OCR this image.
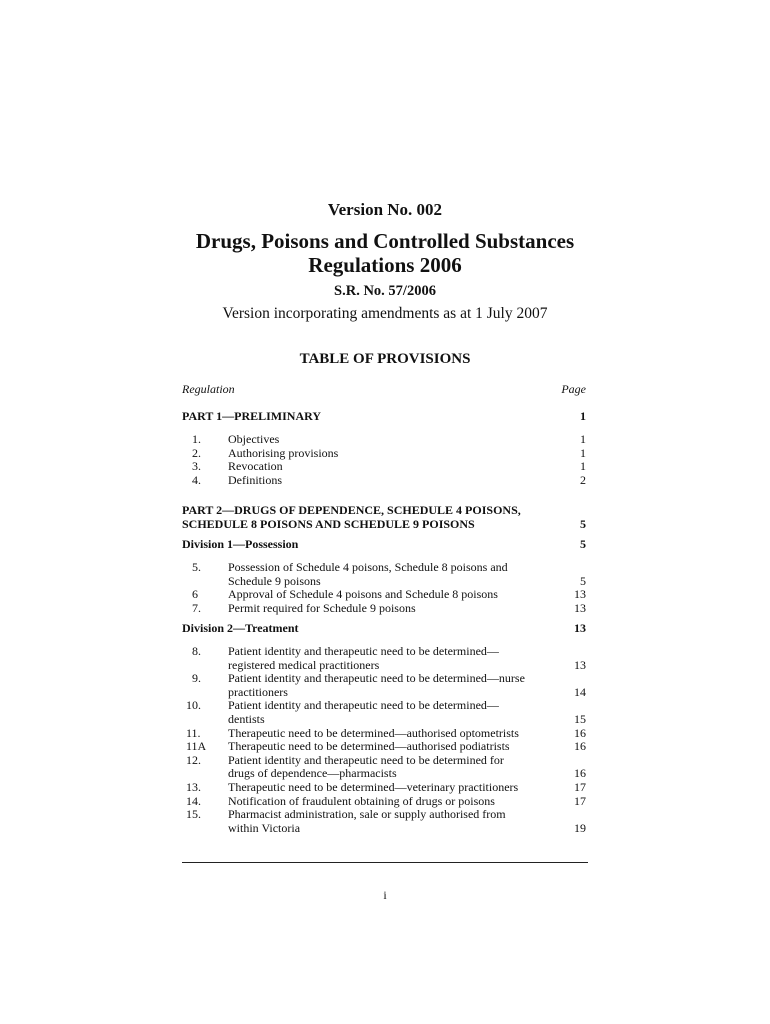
Version No. 002
Drugs, Poisons and Controlled Substances
Regulations 2006
S.R. No. 57/2006
Version incorporating amendments as at 1 July 2007
TABLE OF PROVISIONS
Regulation	Page
PART 1—PRELIMINARY	1
1.	Objectives	1
2.	Authorising provisions	1
3.	Revocation	1
4.	Definitions	2
PART 2—DRUGS OF DEPENDENCE, SCHEDULE 4 POISONS,
SCHEDULE 8 POISONS AND SCHEDULE 9 POISONS	5
Division 1—Possession	5
5.	Possession of Schedule 4 poisons, Schedule 8 poisons and
Schedule 9 poisons	5
6	Approval of Schedule 4 poisons and Schedule 8 poisons	13
7.	Permit required for Schedule 9 poisons	13
Division 2—Treatment	13
8.	Patient identity and therapeutic need to be determined—
registered medical practitioners	13
9.	Patient identity and therapeutic need to be determined—nurse
practitioners	14
10.	Patient identity and therapeutic need to be determined—
dentists	15
11.	Therapeutic need to be determined—authorised optometrists	16
11A	Therapeutic need to be determined—authorised podiatrists	16
12.	Patient identity and therapeutic need to be determined for
drugs of dependence—pharmacists	16
13.	Therapeutic need to be determined—veterinary practitioners	17
14.	Notification of fraudulent obtaining of drugs or poisons	17
15.	Pharmacist administration, sale or supply authorised from
within Victoria	19
i
